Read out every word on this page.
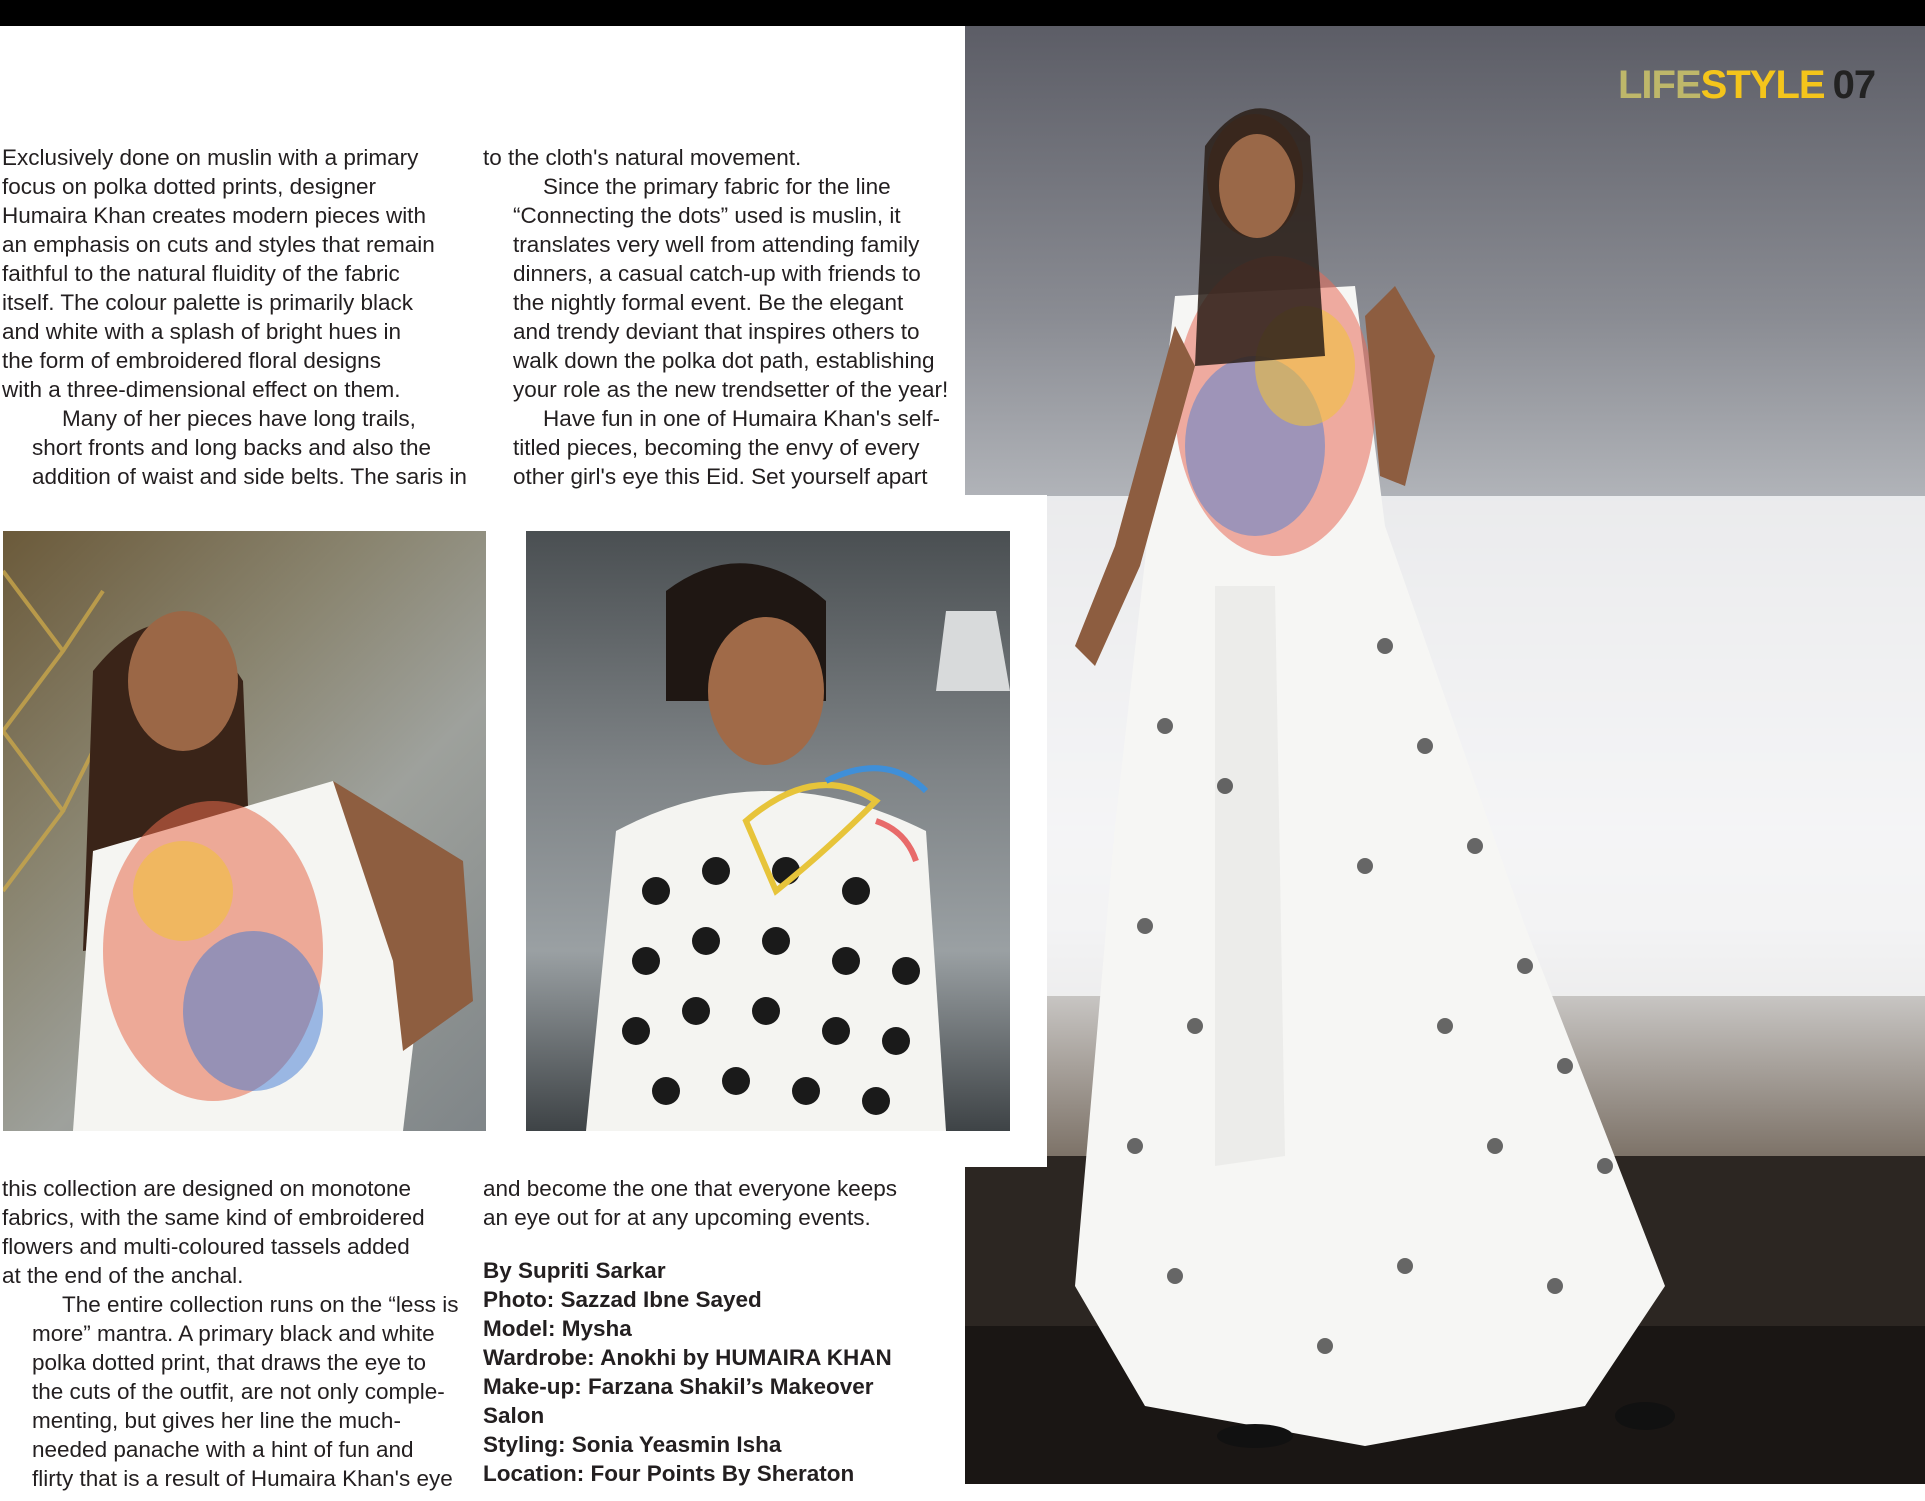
LIFESTYLE 07

Exclusively done on muslin with a primary
focus on polka dotted prints, designer
Humaira Khan creates modern pieces with
an emphasis on cuts and styles that remain
faithful to the natural fluidity of the fabric
itself. The colour palette is primarily black
and white with a splash of bright hues in
the form of embroidered floral designs
with a three-dimensional effect on them.

Many of her pieces have long trails,
short fronts and long backs and also the
addition of waist and side belts. The saris in

to the cloth's natural movement.

Since the primary fabric for the line
“Connecting the dots” used is muslin, it
translates very well from attending family
dinners, a casual catch-up with friends to
the nightly formal event. Be the elegant
and trendy deviant that inspires others to
walk down the polka dot path, establishing
your role as the new trendsetter of the year!

Have fun in one of Humaira Khan's self-
titled pieces, becoming the envy of every
other girl's eye this Eid. Set yourself apart

this collection are designed on monotone
fabrics, with the same kind of embroidered
flowers and multi-coloured tassels added
at the end of the anchal.

The entire collection runs on the “less is
more” mantra. A primary black and white
polka dotted print, that draws the eye to
the cuts of the outfit, are not only comple-
menting, but gives her line the much-
needed panache with a hint of fun and
flirty that is a result of Humaira Khan's eye

and become the one that everyone keeps
an eye out for at any upcoming events.

By Supriti Sarkar
Photo: Sazzad Ibne Sayed
Model: Mysha
Wardrobe: Anokhi by HUMAIRA KHAN
Make-up: Farzana Shakil’s Makeover
Salon
Styling: Sonia Yeasmin Isha
Location: Four Points By Sheraton
